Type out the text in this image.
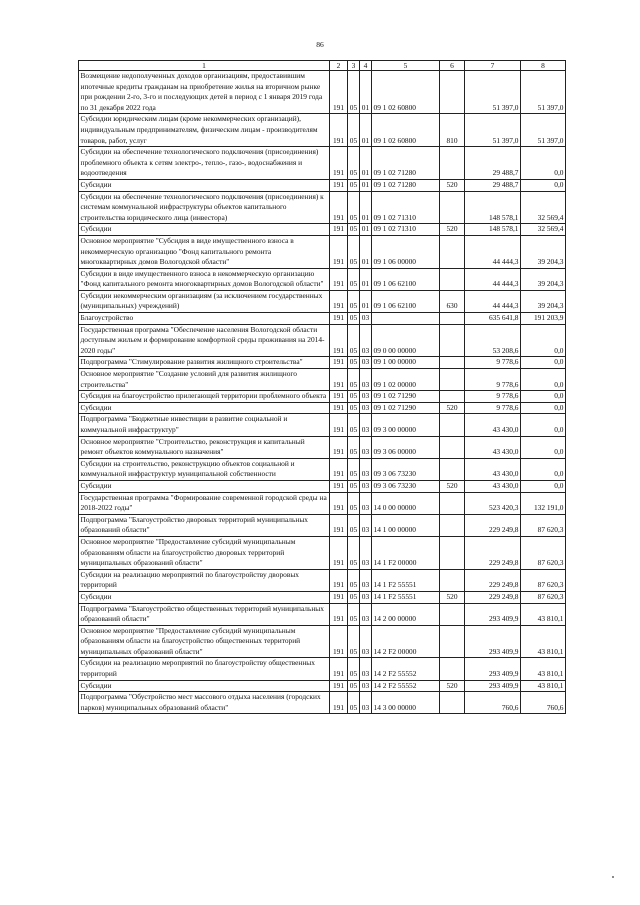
86
1	2	3	4	5	6	7	8
Возмещение недополученных доходов организациям, предоставившим ипотечные кредиты гражданам на приобретение жилья на вторичном рынке при рождении 2-го, 3-го и последующих детей в период с 1 января 2019 года по 31 декабря 2022 года	191	05	01	09 1 02 60800		51 397,0	51 397,0
Субсидии юридическим лицам (кроме некоммерческих организаций), индивидуальным предпринимателям, физическим лицам - производителям товаров, работ, услуг	191	05	01	09 1 02 60800	810	51 397,0	51 397,0
Субсидии на обеспечение технологического подключения (присоединения) проблемного объекта к сетям электро-, тепло-, газо-, водоснабжения и водоотведения	191	05	01	09 1 02 71280		29 488,7	0,0
Субсидии	191	05	01	09 1 02 71280	520	29 488,7	0,0
Субсидии на обеспечение технологического подключения (присоединения) к системам коммунальной инфраструктуры объектов капитального строительства юридического лица (инвестора)	191	05	01	09 1 02 71310		148 578,1	32 569,4
Субсидии	191	05	01	09 1 02 71310	520	148 578,1	32 569,4
Основное мероприятие "Субсидия в виде имущественного взноса в некоммерческую организацию "Фонд капитального ремонта многоквартирных домов Вологодской области"	191	05	01	09 1 06 00000		44 444,3	39 204,3
Субсидии в виде имущественного взноса в некоммерческую организацию "Фонд капитального ремонта многоквартирных домов Вологодской области"	191	05	01	09 1 06 62100		44 444,3	39 204,3
Субсидии некоммерческим организациям (за исключением государственных (муниципальных) учреждений)	191	05	01	09 1 06 62100	630	44 444,3	39 204,3
Благоустройство	191	05	03			635 641,8	191 203,9
Государственная программа "Обеспечение населения Вологодской области доступным жильем и формирование комфортной среды проживания на 2014-2020 годы"	191	05	03	09 0 00 00000		53 208,6	0,0
Подпрограмма "Стимулирование развития жилищного строительства"	191	05	03	09 1 00 00000		9 778,6	0,0
Основное мероприятие "Создание условий для развития жилищного строительства"	191	05	03	09 1 02 00000		9 778,6	0,0
Субсидия на благоустройство прилегающей территории проблемного объекта	191	05	03	09 1 02 71290		9 778,6	0,0
Субсидии	191	05	03	09 1 02 71290	520	9 778,6	0,0
Подпрограмма "Бюджетные инвестиции в развитие социальной и коммунальной инфраструктур"	191	05	03	09 3 00 00000		43 430,0	0,0
Основное мероприятие "Строительство, реконструкция и капитальный ремонт объектов коммунального назначения"	191	05	03	09 3 06 00000		43 430,0	0,0
Субсидии на строительство, реконструкцию объектов социальной и коммунальной инфраструктур муниципальной собственности	191	05	03	09 3 06 73230		43 430,0	0,0
Субсидии	191	05	03	09 3 06 73230	520	43 430,0	0,0
Государственная программа "Формирование современной городской среды на 2018-2022 годы"	191	05	03	14 0 00 00000		523 420,3	132 191,0
Подпрограмма "Благоустройство дворовых территорий муниципальных образований области"	191	05	03	14 1 00 00000		229 249,8	87 620,3
Основное мероприятие "Предоставление субсидий муниципальным образованиям области на благоустройство дворовых территорий муниципальных образований области"	191	05	03	14 1 F2 00000		229 249,8	87 620,3
Субсидии на реализацию мероприятий по благоустройству дворовых территорий	191	05	03	14 1 F2 55551		229 249,8	87 620,3
Субсидии	191	05	03	14 1 F2 55551	520	229 249,8	87 620,3
Подпрограмма "Благоустройство общественных территорий муниципальных образований области"	191	05	03	14 2 00 00000		293 409,9	43 810,1
Основное мероприятие "Предоставление субсидий муниципальным образованиям области на благоустройство общественных территорий муниципальных образований области"	191	05	03	14 2 F2 00000		293 409,9	43 810,1
Субсидии на реализацию мероприятий по благоустройству общественных территорий	191	05	03	14 2 F2 55552		293 409,9	43 810,1
Субсидии	191	05	03	14 2 F2 55552	520	293 409,9	43 810,1
Подпрограмма "Обустройство мест массового отдыха населения (городских парков) муниципальных образований области"	191	05	03	14 3 00 00000		760,6	760,6
